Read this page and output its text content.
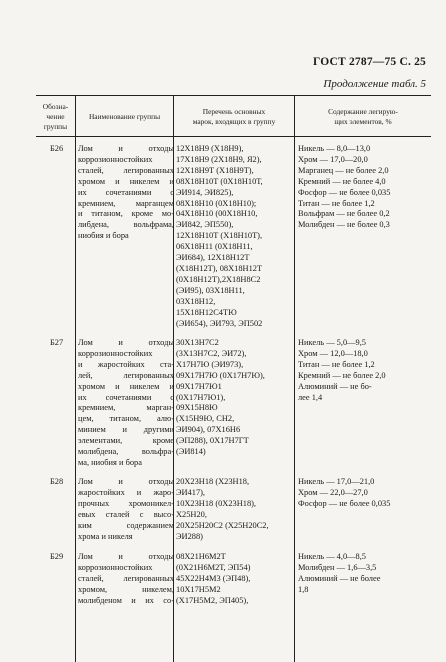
ГОСТ 2787—75 С. 25
Продолжение табл. 5
Обозна-
чение
группы
Наименование группы
Перечень основных
марок, входящих в группу
Содержание легирую-
щих элементов, %
Б26 Лом и отходы
коррозионностойких
сталей, легированных
хромом и никелем и
их сочетаниями с
кремнием, марганцем
и титаном, кроме мо-
либдена, вольфрама,
ниобия и бора
12Х18Н9 (Х18Н9),
17Х18Н9 (2Х18Н9, Я2),
12Х18Н9Т (Х18Н9Т),
08Х18Н10Т (0Х18Н10Т,
ЭИ914, ЭИ825),
08Х18Н10 (0Х18Н10);
04Х18Н10 (00Х18Н10,
ЭИ842, ЭП550),
12Х18Н10Т (Х18Н10Т),
06Х18Н11 (0Х18Н11,
ЭИ684), 12Х18Н12Т
(Х18Н12Т), 08Х18Н12Т
(0Х18Н12Т),2Х18Н8С2
(ЭИ95), 03Х18Н11,
03Х18Н12,
15Х18Н12С4ТЮ
(ЭИ654), ЭИ793, ЭП502
Никель — 8,0—13,0
Хром — 17,0—20,0
Марганец — не более 2,0
Кремний — не более 4,0
Фосфор — не более 0,035
Титан — не более 1,2
Вольфрам — не более 0,2
Молибден — не более 0,3
Б27 Лом и отходы
коррозионностойких
и жаростойких ста-
лей, легированных
хромом и никелем и
их сочетаниями с
кремнием, марган-
цем, титаном, алю-
минием и другими
элементами, кроме
молибдена, вольфра-
ма, ниобия и бора
30Х13Н7С2
(3Х13Н7С2, ЭИ72),
Х17Н7Ю (ЭИ973),
09Х17Н7Ю (0Х17Н7Ю),
09Х17Н7Ю1
(0Х17Н7Ю1),
09Х15Н8Ю
(Х15Н9Ю, СН2,
ЭИ904), 07Х16Н6
(ЭП288), 0Х17Н7ГТ
(ЭИ814)
Никель — 5,0—9,5
Хром — 12,0—18,0
Титан — не более 1,2
Кремний — не более 2,0
Алюминий — не бо-
лее 1,4
Б28 Лом и отходы
жаростойких и жаро-
прочных хромоникел-
евых сталей с высо-
ким содержанием
хрома и никеля
20Х23Н18 (Х23Н18,
ЭИ417),
10Х23Н18 (0Х23Н18),
Х25Н20,
20Х25Н20С2 (Х25Н20С2,
ЭИ288)
Никель — 17,0—21,0
Хром — 22,0—27,0
Фосфор — не более 0,035
Б29 Лом и отходы
коррозионностойких
сталей, легированных
хромом, никелем,
молибденом и их со-
08Х21Н6М2Т
(0Х21Н6М2Т, ЭП54)
45Х22Н4М3 (ЭП48),
10Х17Н5М2
(Х17Н5М2, ЭП405),
Никель — 4,0—8,5
Молибден — 1,6—3,5
Алюминий — не более
1,8
